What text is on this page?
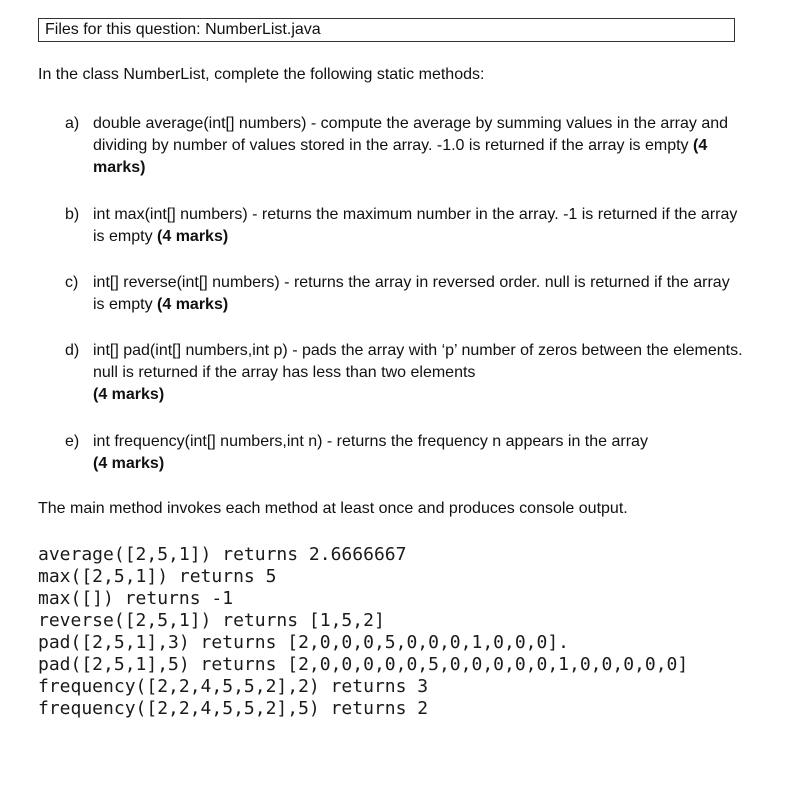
Files for this question: NumberList.java
In the class NumberList, complete the following static methods:
a) double average(int[] numbers) - compute the average by summing values in the array and dividing by number of values stored in the array. -1.0 is returned if the array is empty (4 marks)
b) int max(int[] numbers) - returns the maximum number in the array. -1 is returned if the array is empty (4 marks)
c) int[] reverse(int[] numbers) - returns the array in reversed order. null is returned if the array is empty (4 marks)
d) int[] pad(int[] numbers,int p) - pads the array with ‘p’ number of zeros between the elements. null is returned if the array has less than two elements
(4 marks)
e) int frequency(int[] numbers,int n) - returns the frequency n appears in the array
(4 marks)
The main method invokes each method at least once and produces console output.
average([2,5,1]) returns 2.6666667
max([2,5,1]) returns 5
max([]) returns -1
reverse([2,5,1]) returns [1,5,2]
pad([2,5,1],3) returns [2,0,0,0,5,0,0,0,1,0,0,0].
pad([2,5,1],5) returns [2,0,0,0,0,0,5,0,0,0,0,0,1,0,0,0,0,0]
frequency([2,2,4,5,5,2],2) returns 3
frequency([2,2,4,5,5,2],5) returns 2
